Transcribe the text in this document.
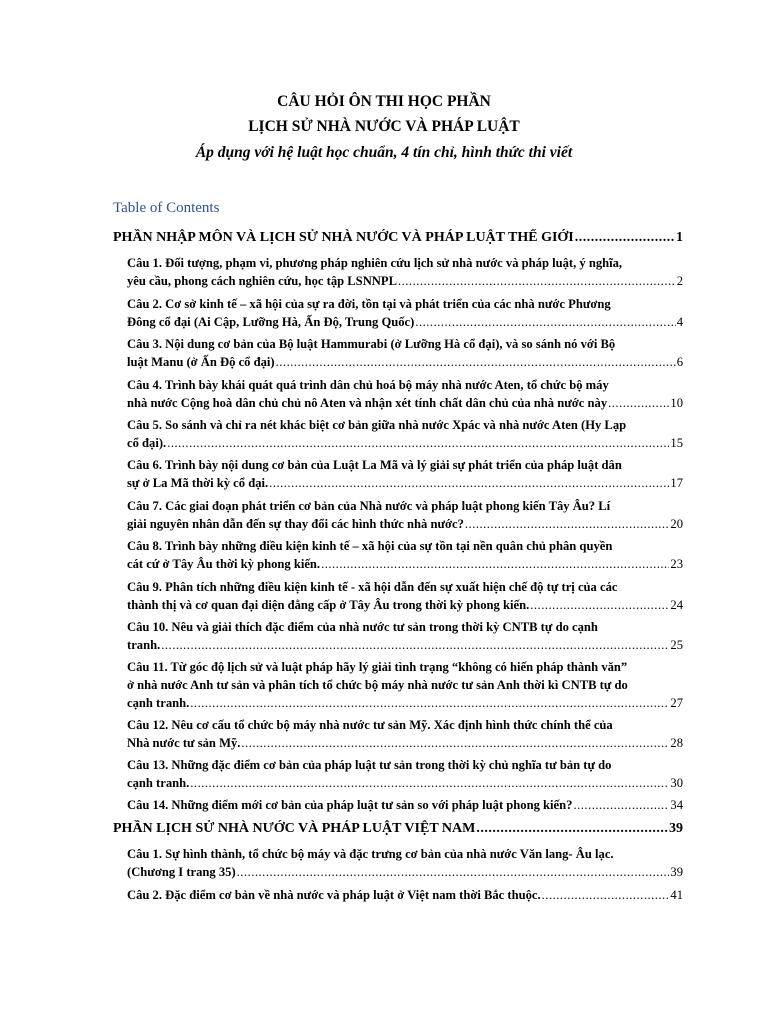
CÂU HỎI ÔN THI HỌC PHẦN
LỊCH SỬ NHÀ NƯỚC VÀ PHÁP LUẬT
Áp dụng với hệ luật học chuẩn, 4 tín chỉ, hình thức thi viết
Table of Contents
PHẦN NHẬP MÔN VÀ LỊCH SỬ NHÀ NƯỚC VÀ PHÁP LUẬT THẾ GIỚI .....	1
Câu 1. Đối tượng, phạm vi, phương pháp nghiên cứu lịch sử nhà nước và pháp luật, ý nghĩa,
yêu cầu, phong cách nghiên cứu, học tập LSNNPL .....	2
Câu 2. Cơ sở kinh tế – xã hội của sự ra đời, tồn tại và phát triển của các nhà nước Phương
Đông cổ đại (Ai Cập, Lưỡng Hà, Ấn Độ, Trung Quốc) .....	4
Câu 3. Nội dung cơ bản của Bộ luật Hammurabi (ở Lưỡng Hà cổ đại), và so sánh nó với Bộ
luật Manu (ở Ấn Độ cổ đại) .....	6
Câu 4. Trình bày khái quát quá trình dân chủ hoá bộ máy nhà nước Aten, tổ chức bộ máy
nhà nước Cộng hoà dân chủ chủ nô Aten và nhận xét tính chất dân chủ của nhà nước này .....	10
Câu 5. So sánh và chỉ ra nét khác biệt cơ bản giữa nhà nước Xpác và nhà nước Aten (Hy Lạp
cổ đại). .....	15
Câu 6. Trình bày nội dung cơ bản của Luật La Mã và lý giải sự phát triển của pháp luật dân
sự ở La Mã thời kỳ cổ đại. .....	17
Câu 7. Các giai đoạn phát triển cơ bản của Nhà nước và pháp luật phong kiến Tây Âu? Lí
giải nguyên nhân dẫn đến sự thay đổi các hình thức nhà nước? .....	20
Câu 8. Trình bày những điều kiện kinh tế – xã hội của sự tồn tại nền quân chủ phân quyền
cát cứ ở Tây Âu thời kỳ phong kiến. .....	23
Câu 9. Phân tích những điều kiện kinh tế - xã hội dẫn đến sự xuất hiện chế độ tự trị của các
thành thị và cơ quan đại diện đẳng cấp ở Tây Âu trong thời kỳ phong kiến. .....	24
Câu 10. Nêu và giải thích đặc điểm của nhà nước tư sản trong thời kỳ CNTB tự do cạnh
tranh. .....	25
Câu 11. Từ góc độ lịch sử và luật pháp hãy lý giải tình trạng “không có hiến pháp thành văn”
ở nhà nước Anh tư sản và phân tích tổ chức bộ máy nhà nước tư sản Anh thời kì CNTB tự do
cạnh tranh. .....	27
Câu 12. Nêu cơ cấu tổ chức bộ máy nhà nước tư sản Mỹ. Xác định hình thức chính thể của
Nhà nước tư sản Mỹ. .....	28
Câu 13. Những đặc điểm cơ bản của pháp luật tư sản trong thời kỳ chủ nghĩa tư bản tự do
cạnh tranh. .....	30
Câu 14. Những điểm mới cơ bản của pháp luật tư sản so với pháp luật phong kiến? .....	34
PHẦN LỊCH SỬ NHÀ NƯỚC VÀ PHÁP LUẬT VIỆT NAM .....	39
Câu 1. Sự hình thành, tổ chức bộ máy và đặc trưng cơ bản của nhà nước Văn lang- Âu lạc.
(Chương I trang 35) .....	39
Câu 2. Đặc điểm cơ bản về nhà nước và pháp luật ở Việt nam thời Bắc thuộc. .....	41
